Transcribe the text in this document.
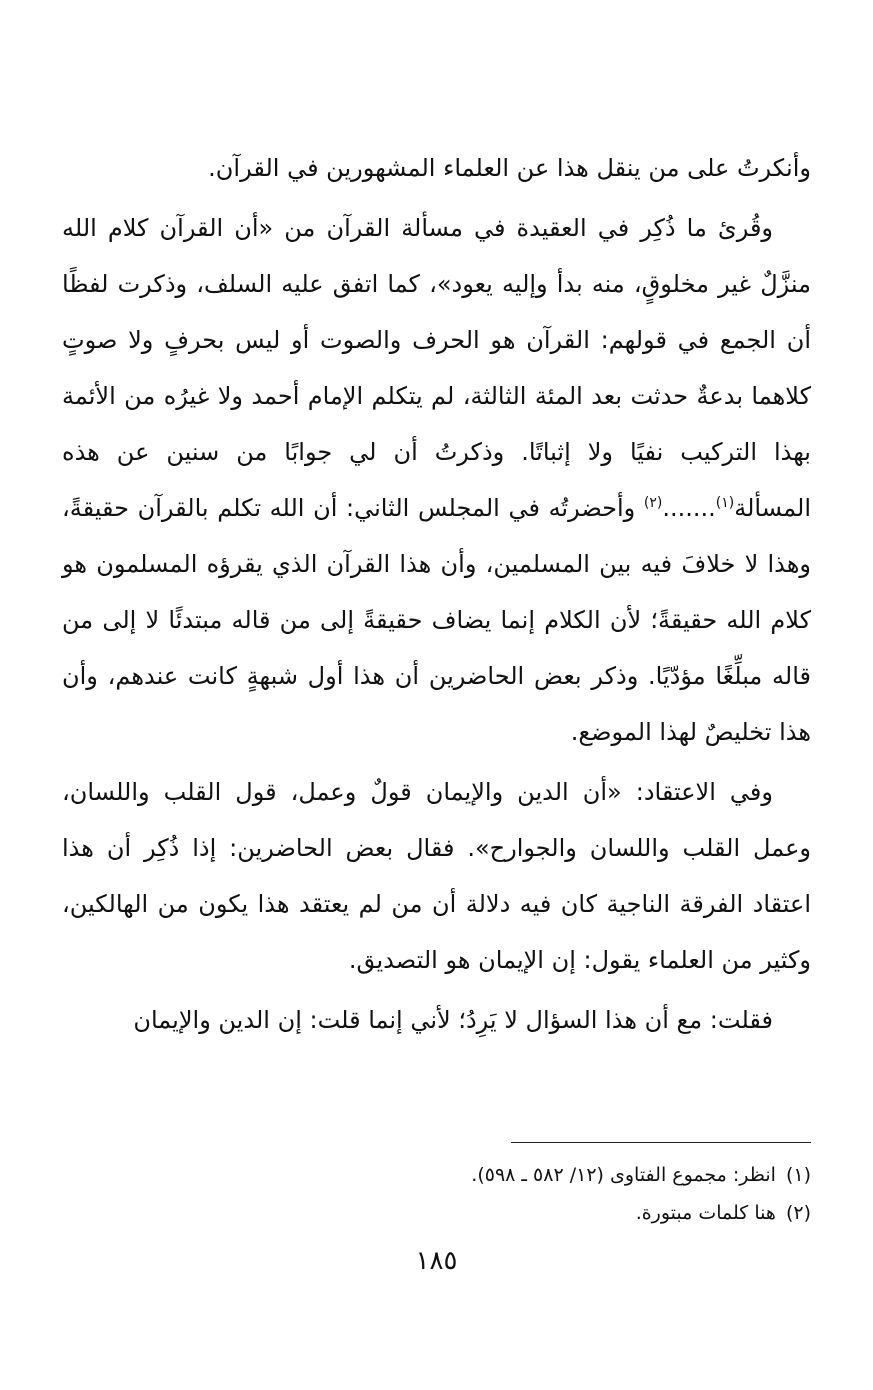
وأنكرتُ على من ينقل هذا عن العلماء المشهورين في القرآن.

وقُرئ ما ذُكِر في العقيدة في مسألة القرآن من «أن القرآن كلام الله منزَّلٌ غير مخلوقٍ، منه بدأ وإليه يعود»، كما اتفق عليه السلف، وذكرت لفظًا أن الجمع في قولهم: القرآن هو الحرف والصوت أو ليس بحرفٍ ولا صوتٍ كلاهما بدعةٌ حدثت بعد المئة الثالثة، لم يتكلم الإمام أحمد ولا غيرُه من الأئمة بهذا التركيب نفيًا ولا إثباتًا. وذكرتُ أن لي جوابًا من سنين عن هذه المسألة$^{(١)}$.......$^{(٢)}$ وأحضرتُه في المجلس الثاني: أن الله تكلم بالقرآن حقيقةً، وهذا لا خلافَ فيه بين المسلمين، وأن هذا القرآن الذي يقرؤه المسلمون هو كلام الله حقيقةً؛ لأن الكلام إنما يضاف حقيقةً إلى من قاله مبتدئًا لا إلى من قاله مبلِّغًا مؤدّيًا. وذكر بعض الحاضرين أن هذا أول شبهةٍ كانت عندهم، وأن هذا تخليصٌ لهذا الموضع.

وفي الاعتقاد: «أن الدين والإيمان قولٌ وعمل، قول القلب واللسان، وعمل القلب واللسان والجوارح». فقال بعض الحاضرين: إذا ذُكِر أن هذا اعتقاد الفرقة الناجية كان فيه دلالة أن من لم يعتقد هذا يكون من الهالكين، وكثير من العلماء يقول: إن الإيمان هو التصديق.

فقلت: مع أن هذا السؤال لا يَرِدُ؛ لأني إنما قلت: إن الدين والإيمان

(١)انظر: مجموع الفتاوى (١٢/ ٥٨٢ ـ ٥٩٨).
(٢)هنا كلمات مبتورة.
١٨٥
